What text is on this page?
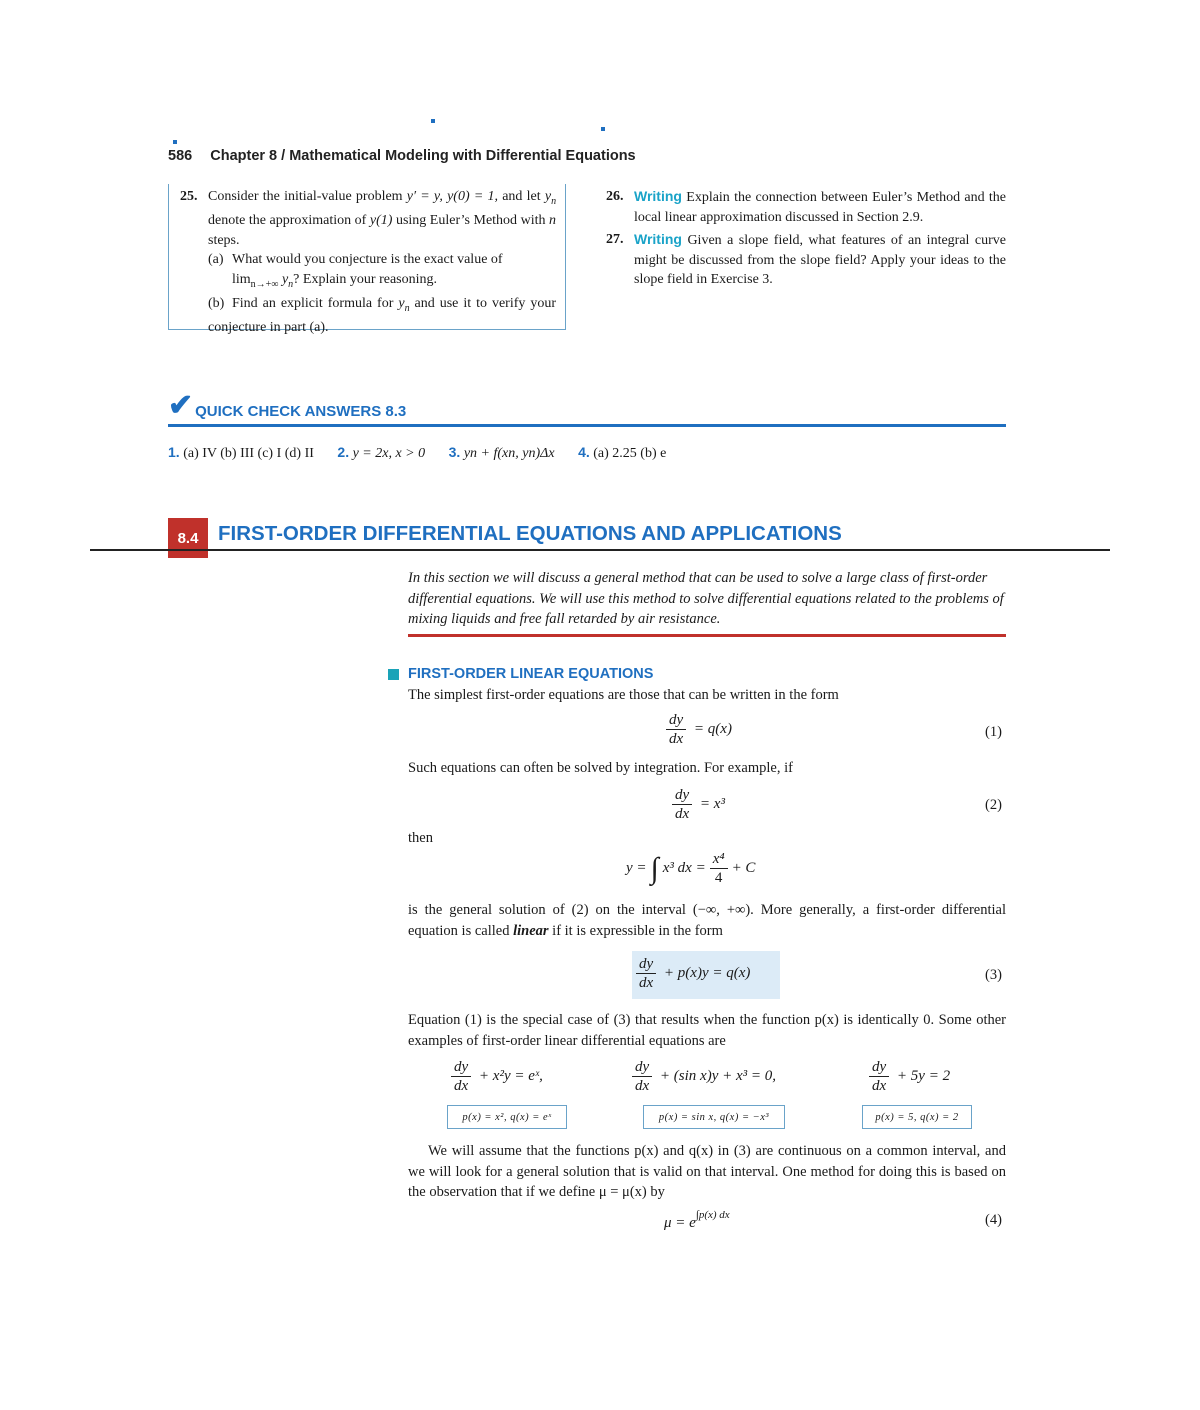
586 Chapter 8 / Mathematical Modeling with Differential Equations
25. Consider the initial-value problem y′ = y, y(0) = 1, and let $y_n$ denote the approximation of y(1) using Euler’s Method with n steps.
(a) What would you conjecture is the exact value of
$\lim_{n\to+\infty} y_n$? Explain your reasoning.
(b) Find an explicit formula for $y_n$ and use it to verify your conjecture in part (a).
26. Writing Explain the connection between Euler’s Method and the local linear approximation discussed in Section 2.9.
27. Writing Given a slope field, what features of an integral curve might be discussed from the slope field? Apply your ideas to the slope field in Exercise 3.
✔ QUICK CHECK ANSWERS 8.3
1. (a) IV (b) III (c) I (d) II 2. y = 2x, x > 0 3. yn + f(xn, yn)Δx 4. (a) 2.25 (b) e
8.4 FIRST-ORDER DIFFERENTIAL EQUATIONS AND APPLICATIONS
In this section we will discuss a general method that can be used to solve a large class of first-order differential equations. We will use this method to solve differential equations related to the problems of mixing liquids and free fall retarded by air resistance.
FIRST-ORDER LINEAR EQUATIONS
The simplest first-order equations are those that can be written in the form
$\frac{dy}{dx} = q(x)$	(1)
Such equations can often be solved by integration. For example, if
$\frac{dy}{dx} = x^3$	(2)
then
y = ∫ x³ dx = $\frac{\text{x⁴}}{4} + C$
is the general solution of (2) on the interval (−∞, +∞). More generally, a first-order differential equation is called linear if it is expressible in the form
$\frac{dy}{dx} + p(x)y = q(x)$	(3)
Equation (1) is the special case of (3) that results when the function p(x) is identically 0. Some other examples of first-order linear differential equations are
$\frac{dy}{dx} + x^2y$ = eˣ,	$\frac{dy}{dx} + (\sin$ x)y + x³ = 0,	$\frac{dy}{dx} + 5y = 2$
p(x) = x², q(x) = eˣ	p(x) = sin x, q(x) = −x³	p(x) = 5, q(x) = 2
We will assume that the functions p(x) and q(x) in (3) are continuous on a common interval, and we will look for a general solution that is valid on that interval. One method for doing this is based on the observation that if we define μ = μ(x) by
$\mu = e^{\int p(x) dx}$	(4)
